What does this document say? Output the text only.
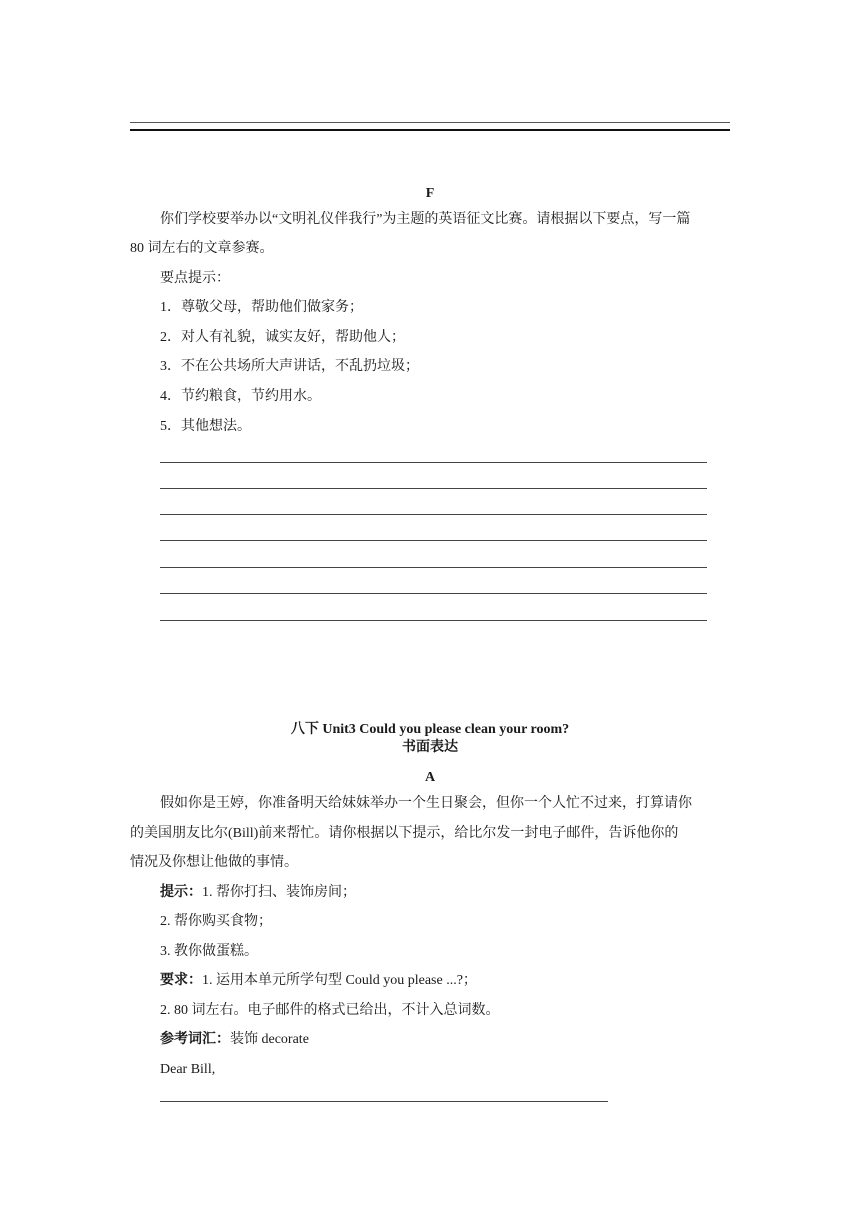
F
你们学校要举办以“文明礼仪伴我行”为主题的英语征文比赛。请根据以下要点，写一篇
80 词左右的文章参赛。
要点提示：
1．尊敬父母，帮助他们做家务；
2．对人有礼貌，诚实友好，帮助他人；
3．不在公共场所大声讲话，不乱扔垃圾；
4．节约粮食，节约用水。
5．其他想法。
八下 Unit3 Could you please clean your room?
书面表达
A
假如你是王婷，你准备明天给妹妹举办一个生日聚会，但你一个人忙不过来，打算请你
的美国朋友比尔(Bill)前来帮忙。请你根据以下提示，给比尔发一封电子邮件，告诉他你的
情况及你想让他做的事情。
提示：1. 帮你打扫、装饰房间；
2. 帮你购买食物；
3. 教你做蛋糕。
要求：1. 运用本单元所学句型 Could you please ...?；
2. 80 词左右。电子邮件的格式已给出，不计入总词数。
参考词汇：装饰 decorate
Dear Bill,
